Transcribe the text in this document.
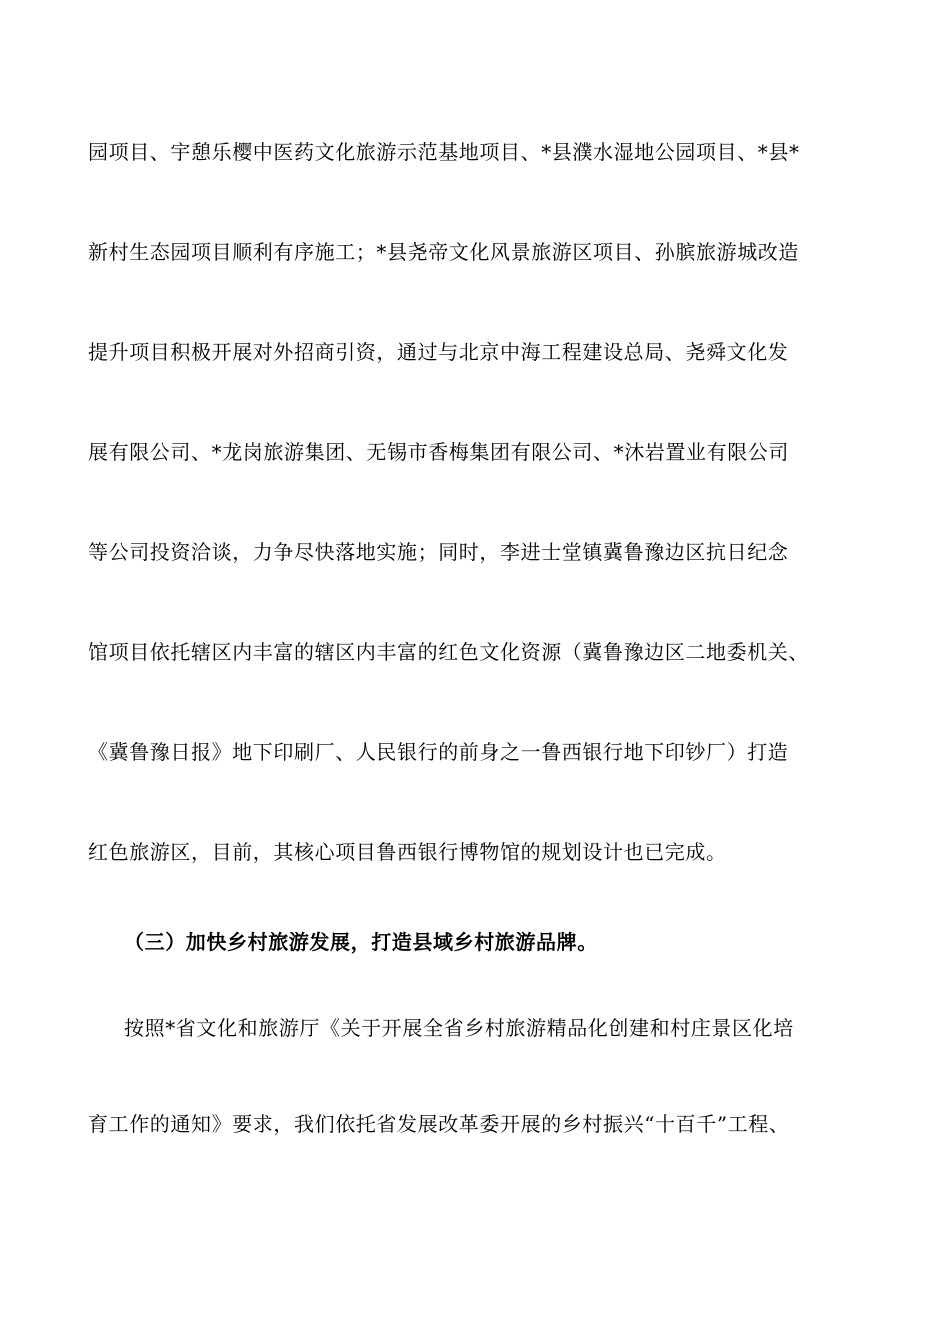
园项目、宇憩乐樱中医药文化旅游示范基地项目、*县濮水湿地公园项目、*县*
新村生态园项目顺利有序施工；*县尧帝文化风景旅游区项目、孙膑旅游城改造
提升项目积极开展对外招商引资，通过与北京中海工程建设总局、尧舜文化发
展有限公司、*龙岗旅游集团、无锡市香梅集团有限公司、*沐岩置业有限公司
等公司投资洽谈，力争尽快落地实施；同时，李进士堂镇冀鲁豫边区抗日纪念
馆项目依托辖区内丰富的辖区内丰富的红色文化资源（冀鲁豫边区二地委机关、
《冀鲁豫日报》地下印刷厂、人民银行的前身之一鲁西银行地下印钞厂）打造
红色旅游区，目前，其核心项目鲁西银行博物馆的规划设计也已完成。
（三）加快乡村旅游发展，打造县域乡村旅游品牌。
按照*省文化和旅游厅《关于开展全省乡村旅游精品化创建和村庄景区化培
育工作的通知》要求，我们依托省发展改革委开展的乡村振兴“十百千”工程、
